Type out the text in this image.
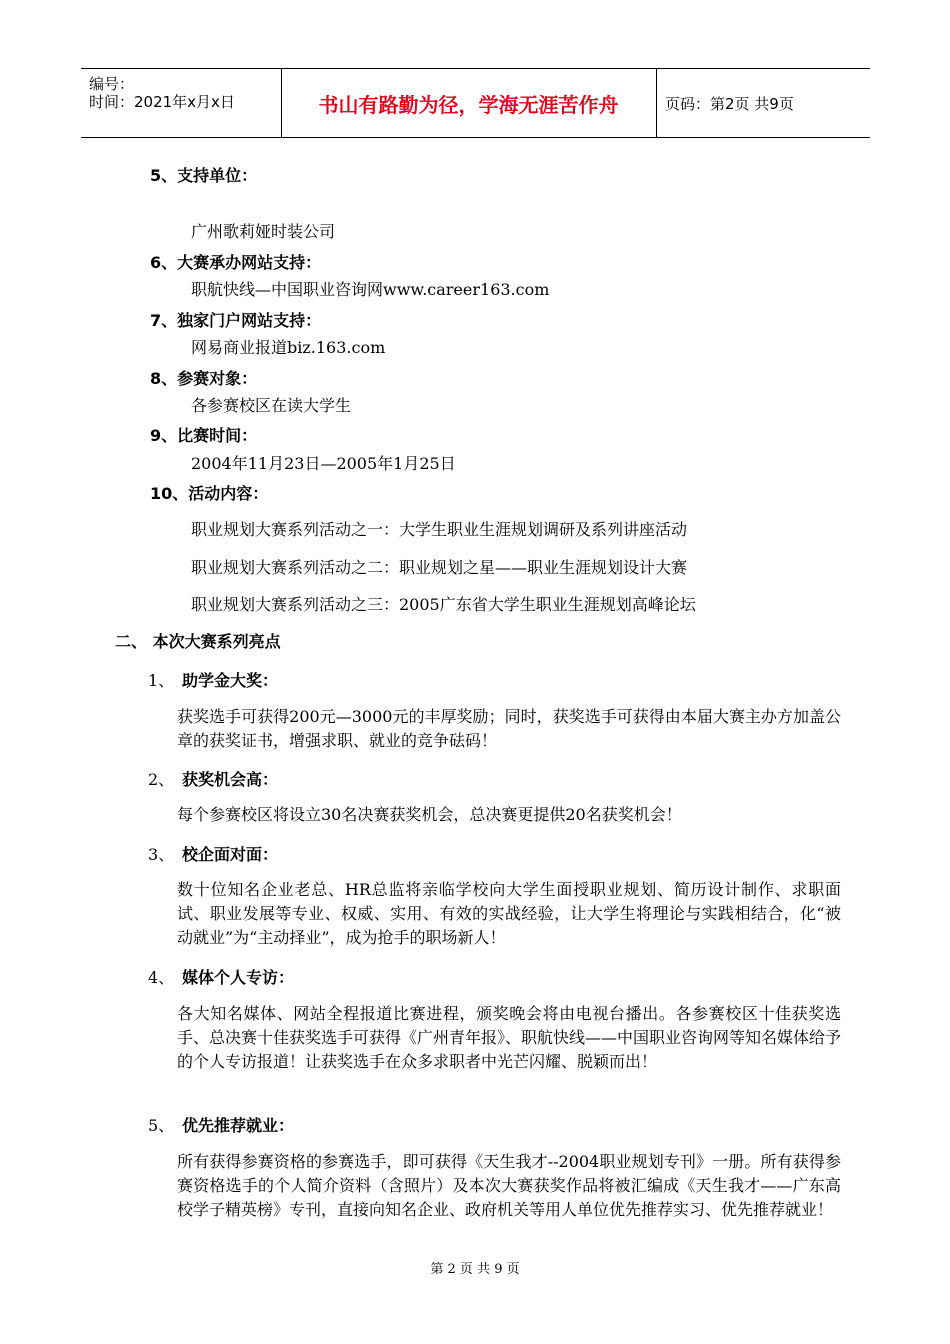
编号：
时间：2021年x月x日	书山有路勤为径，学海无涯苦作舟	页码：第2页 共9页
5、支持单位：
广州歌莉娅时装公司
6、大赛承办网站支持：
职航快线—中国职业咨询网www.career163.com
7、独家门户网站支持：
网易商业报道biz.163.com
8、参赛对象：
各参赛校区在读大学生
9、比赛时间：
2004年11月23日—2005年1月25日
10、活动内容：
职业规划大赛系列活动之一：大学生职业生涯规划调研及系列讲座活动
职业规划大赛系列活动之二：职业规划之星——职业生涯规划设计大赛
职业规划大赛系列活动之三：2005广东省大学生职业生涯规划高峰论坛
二、 本次大赛系列亮点
1、 助学金大奖：
获奖选手可获得200元—3000元的丰厚奖励；同时，获奖选手可获得由本届大赛主办方加盖公章的获奖证书，增强求职、就业的竞争砝码！
2、 获奖机会高：
每个参赛校区将设立30名决赛获奖机会，总决赛更提供20名获奖机会！
3、 校企面对面：
数十位知名企业老总、HR总监将亲临学校向大学生面授职业规划、简历设计制作、求职面试、职业发展等专业、权威、实用、有效的实战经验，让大学生将理论与实践相结合，化“被动就业”为“主动择业”，成为抢手的职场新人！
4、 媒体个人专访：
各大知名媒体、网站全程报道比赛进程，颁奖晚会将由电视台播出。各参赛校区十佳获奖选手、总决赛十佳获奖选手可获得《广州青年报》、职航快线——中国职业咨询网等知名媒体给予的个人专访报道！让获奖选手在众多求职者中光芒闪耀、脱颖而出！
5、 优先推荐就业：
所有获得参赛资格的参赛选手，即可获得《天生我才--2004职业规划专刊》一册。所有获得参赛资格选手的个人简介资料（含照片）及本次大赛获奖作品将被汇编成《天生我才——广东高校学子精英榜》专刊，直接向知名企业、政府机关等用人单位优先推荐实习、优先推荐就业！
第 2 页 共 9 页
